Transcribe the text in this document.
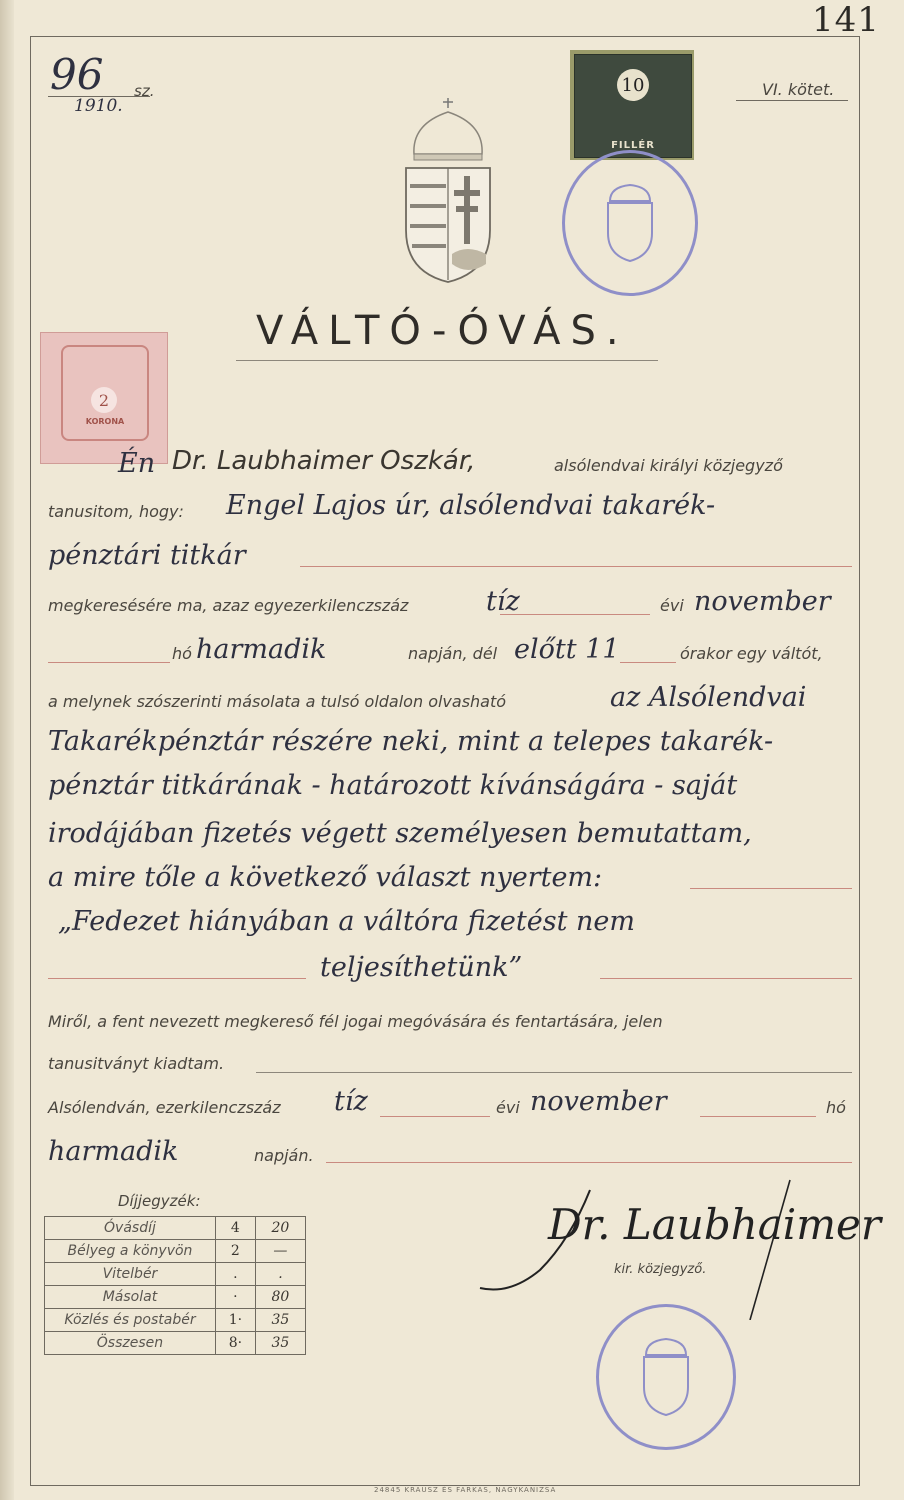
141
96 sz.
1910.
VI. kötet.
10
FILLÉR
VÁLTÓ-ÓVÁS.
2
KORONA
Én Dr. Laubhaimer Oszkár,	alsólendvai királyi közjegyző
tanusitom, hogy: Engel Lajos úr, alsólendvai takarék-
pénztári titkár
megkeresésére ma, azaz egyezerkilenczszáz	tíz	évi november
hó harmadik	napján, dél előtt 11	órakor egy váltót,
a melynek szószerinti másolata a tulsó oldalon olvasható	az Alsólendvai
Takarékpénztár részére neki, mint a telepes takarék-
pénztár titkárának - határozott kívánságára - saját
irodájában fizetés végett személyesen bemutattam,
a mire tőle a következő választ nyertem:
„Fedezet hiányában a váltóra fizetést nem
teljesíthetünk”
Miről, a fent nevezett megkereső fél jogai megóvására és fentartására, jelen
tanusitványt kiadtam.
Alsólendván, ezerkilenczszáz tíz	évi november	hó
harmadik	napján.
Díjjegyzék:
Óvásdíj	4	20
Bélyeg a könyvön	2	—
Vitelbér	.	.
Másolat	·	80
Közlés és postabér	1·	35
Összesen	8·	35
Dr. Laubhaimer
kir. közjegyző.
24845 KRAUSZ ÉS FARKAS, NAGYKANIZSA
